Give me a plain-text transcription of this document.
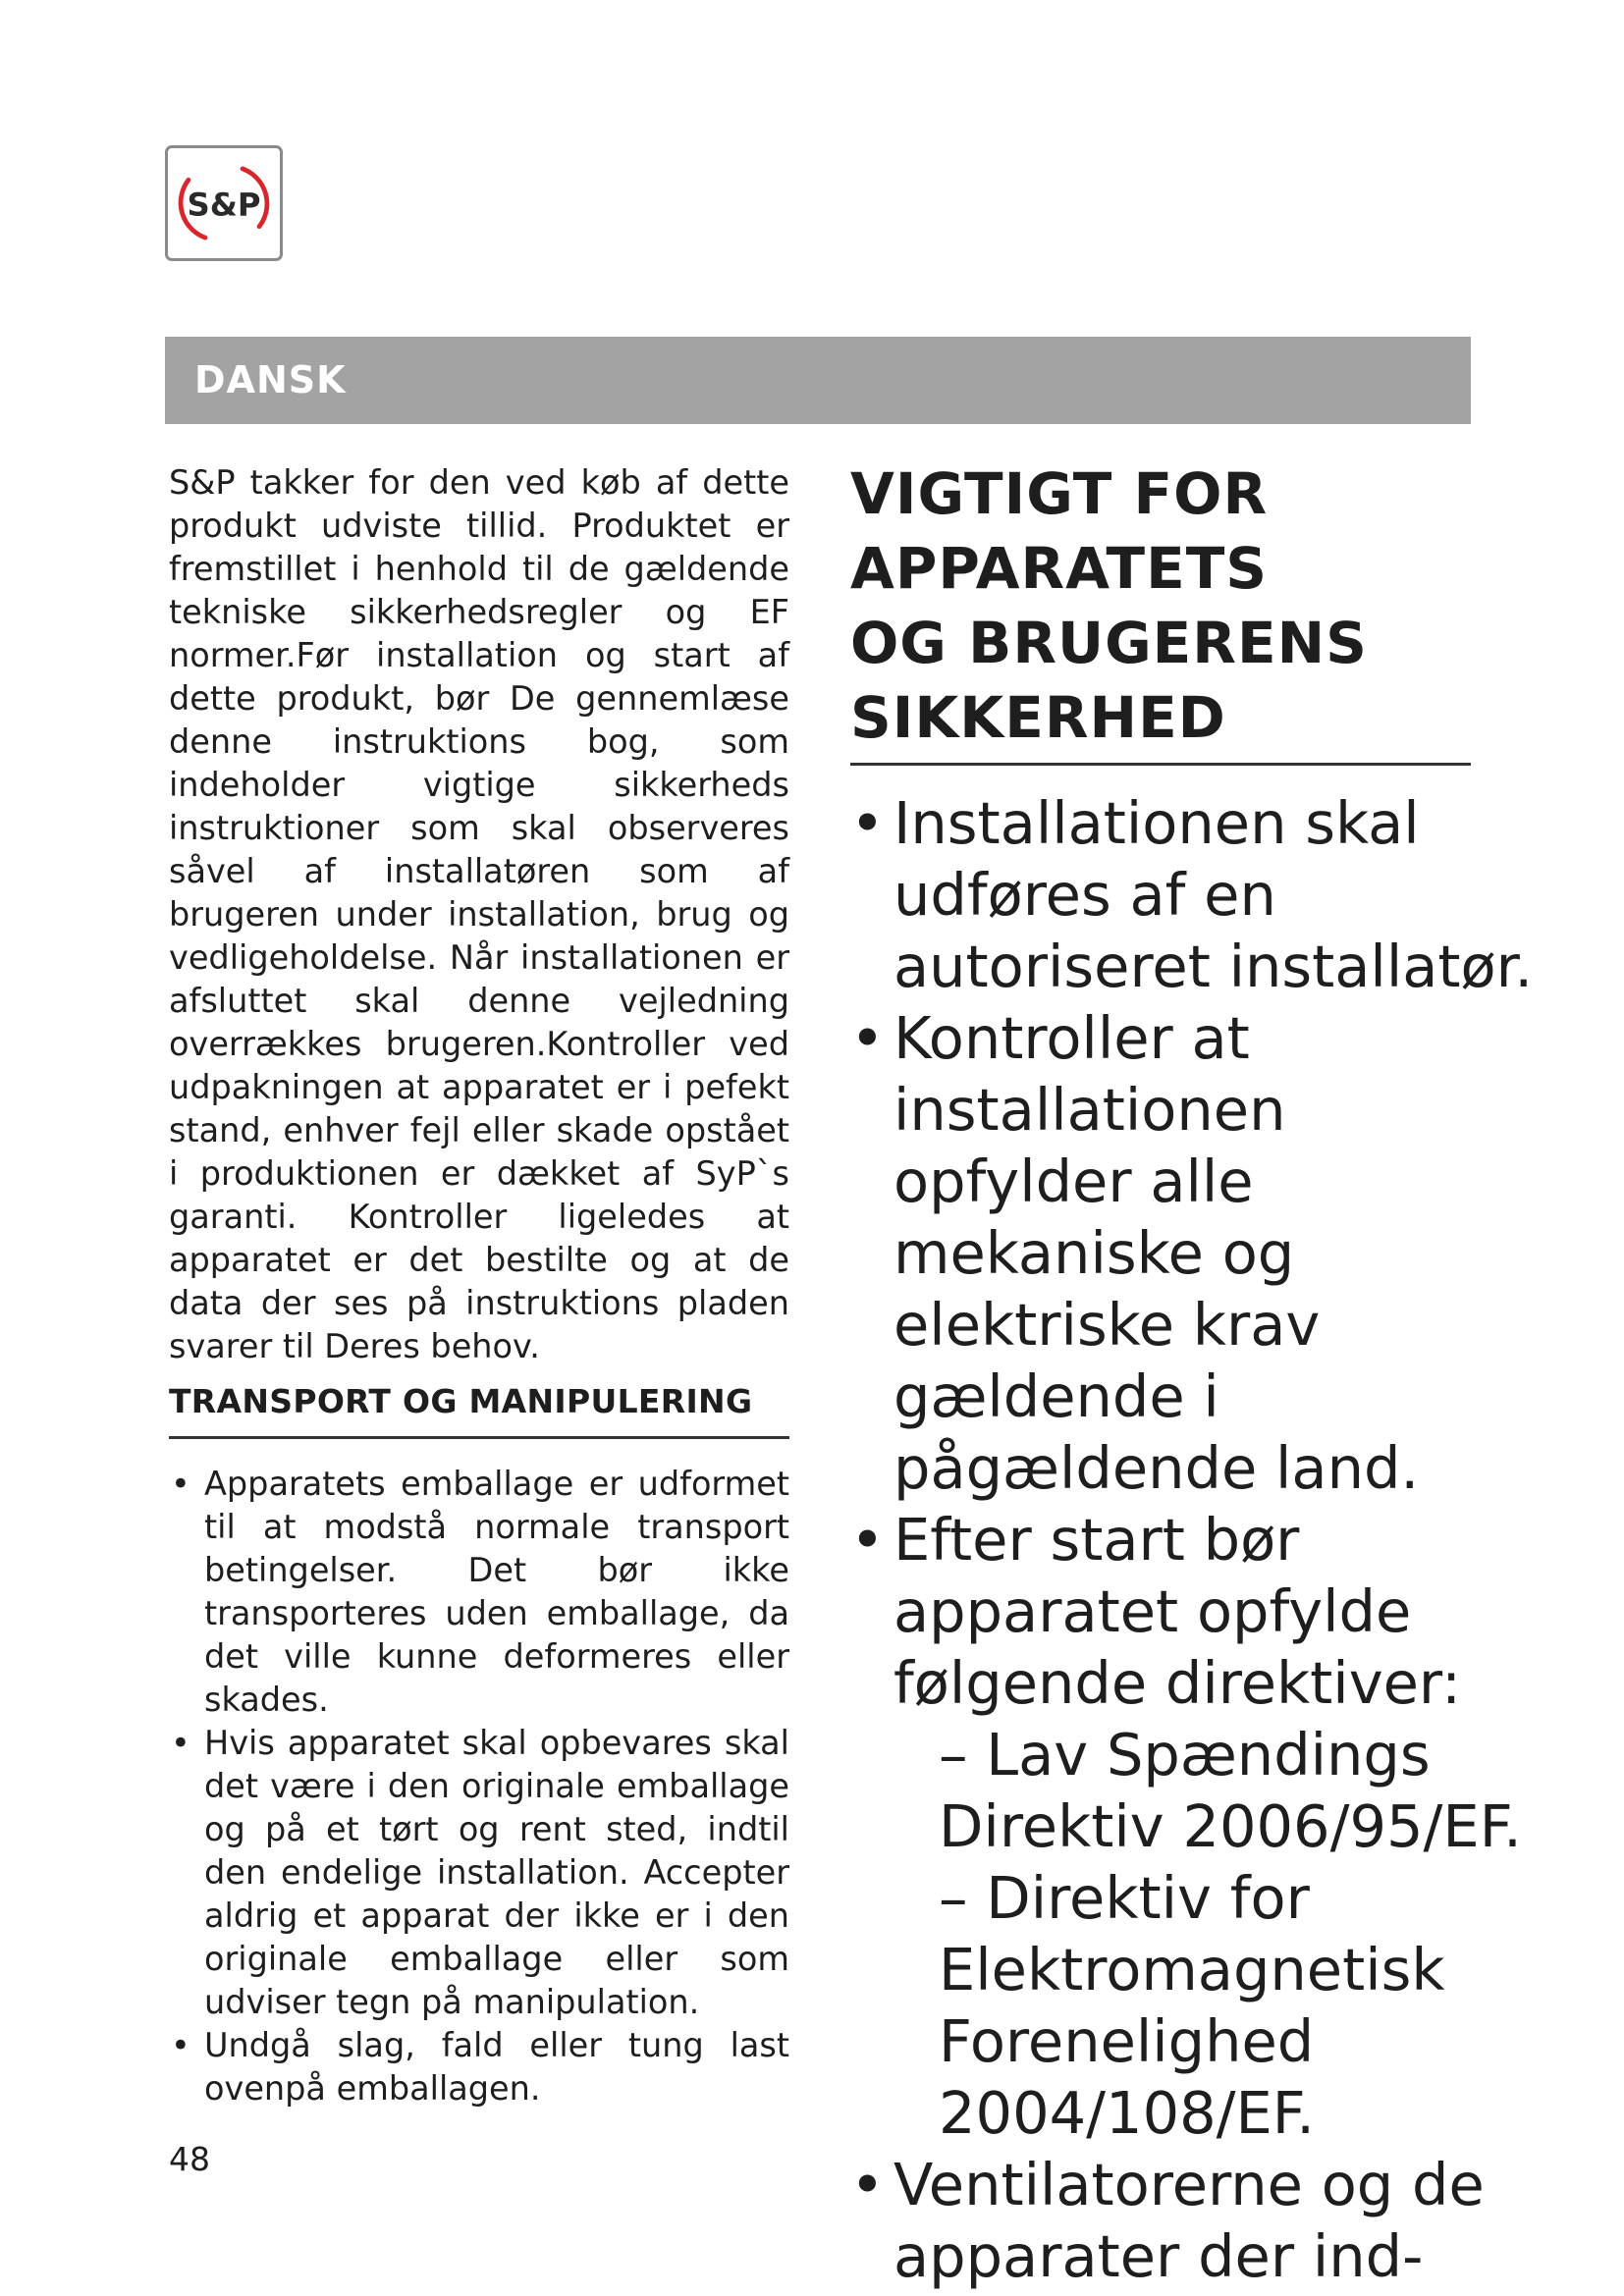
S&P
DANSK

S&P takker for den ved køb af dette produkt udviste tillid. Produktet er fremstillet i henhold til de gældende tekniske sikkerhedsregler og EF normer.Før installation og start af dette produkt, bør De gennemlæse denne instruktions bog, som indeholder vigtige sikkerheds instruktioner som skal observeres såvel af installatøren som af brugeren under installation, brug og vedligeholdelse. Når installationen er afsluttet skal denne vejledning overrækkes brugeren.Kontroller ved udpakningen at apparatet er i pefekt stand, enhver fejl eller skade opstået i produktionen er dækket af SyP`s garanti. Kontroller ligeledes at apparatet er det bestilte og at de data der ses på instruktions pladen svarer til Deres behov.

TRANSPORT OG MANIPULERING
• Apparatets emballage er udformet til at modstå normale transport betingelser. Det bør ikke transporteres uden emballage, da det ville kunne deformeres eller skades.
• Hvis apparatet skal opbevares skal det være i den originale emballage og på et tørt og rent sted, indtil den endelige installation. Accepter aldrig et apparat der ikke er i den originale emballage eller som udviser tegn på manipulation.
• Undgå slag, fald eller tung last ovenpå emballagen.
VIGTIGT FOR
APPARATETS
OG BRUGERENS
SIKKERHED
• Installationen skal udføres af en autoriseret installatør.
• Kontroller at installationen opfylder alle mekaniske og elektriske krav gældende i pågældende land.
• Efter start bør apparatet opfylde følgende direktiver:
– Lav Spændings Direktiv 2006/95/EF.
– Direktiv for Elektromagnetisk Forenelighed 2004/108/EF.
• Ventilatorerne og de apparater der ind-
48
